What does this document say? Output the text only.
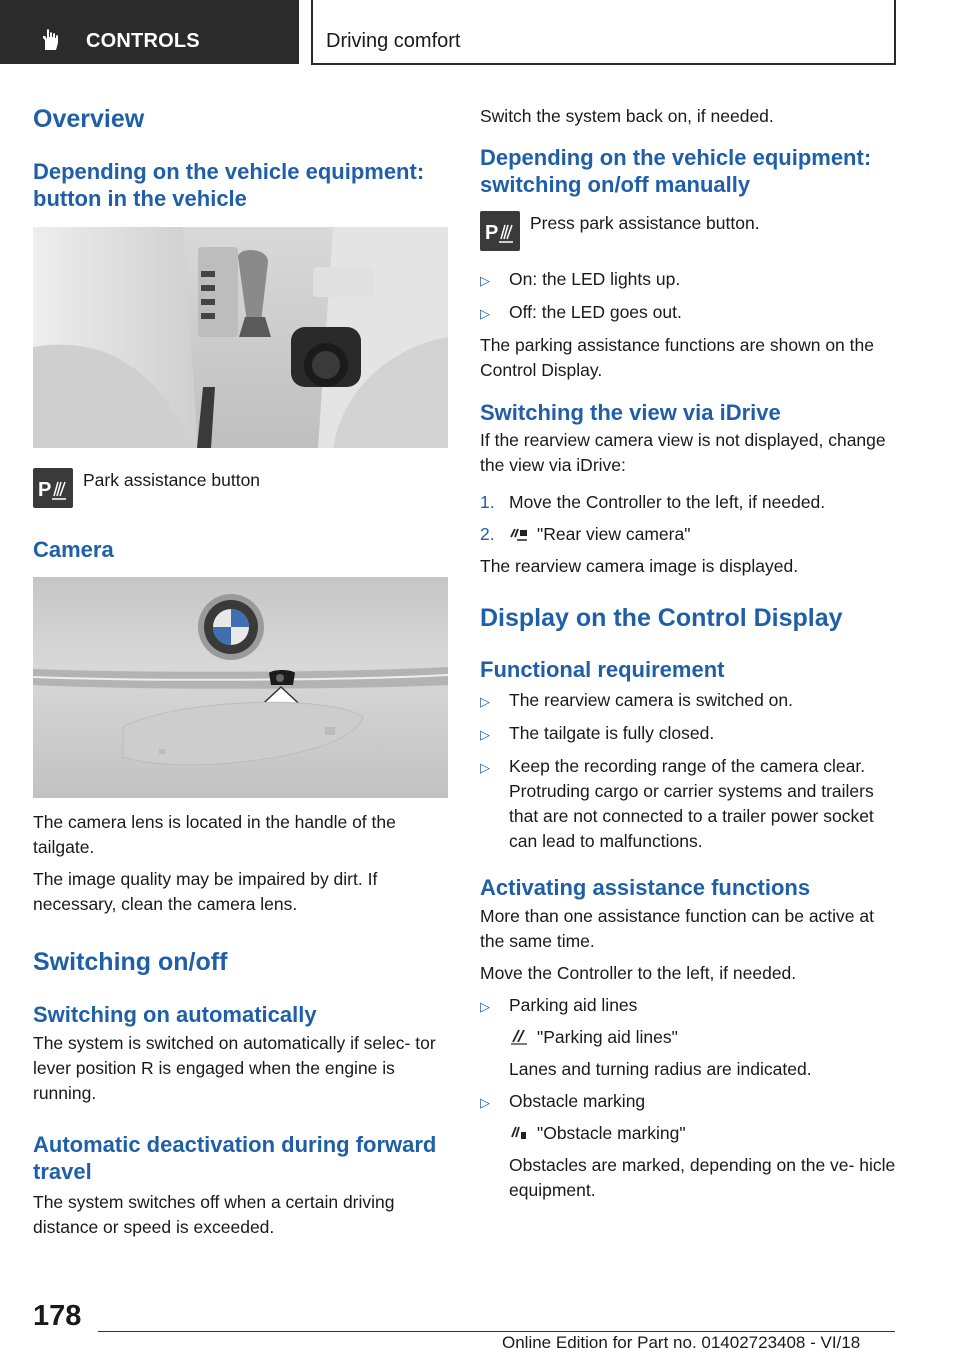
CONTROLS	Driving comfort
Overview
Depending on the vehicle equipment: button in the vehicle
P Park assistance button
Camera
The camera lens is located in the handle of the tailgate.
The image quality may be impaired by dirt. If necessary, clean the camera lens.
Switching on/off
Switching on automatically
The system is switched on automatically if selec‐ tor lever position R is engaged when the engine is running.
Automatic deactivation during forward travel
The system switches off when a certain driving distance or speed is exceeded.
Switch the system back on, if needed.
Depending on the vehicle equipment: switching on/off manually
P Press park assistance button.
▷	On: the LED lights up.
▷	Off: the LED goes out.
The parking assistance functions are shown on the Control Display.
Switching the view via iDrive
If the rearview camera view is not displayed, change the view via iDrive:
1. Move the Controller to the left, if needed.
2.	"Rear view camera"
The rearview camera image is displayed.
Display on the Control Display
Functional requirement
▷	The rearview camera is switched on.
▷	The tailgate is fully closed.
▷	Keep the recording range of the camera clear. Protruding cargo or carrier systems and trailers that are not connected to a trailer power socket can lead to malfunctions.
Activating assistance functions
More than one assistance function can be active at the same time.
Move the Controller to the left, if needed.
▷	Parking aid lines
"Parking aid lines"
Lanes and turning radius are indicated.
▷	Obstacle marking
"Obstacle marking"
Obstacles are marked, depending on the ve‐ hicle equipment.
178
Online Edition for Part no. 01402723408 - VI/18
